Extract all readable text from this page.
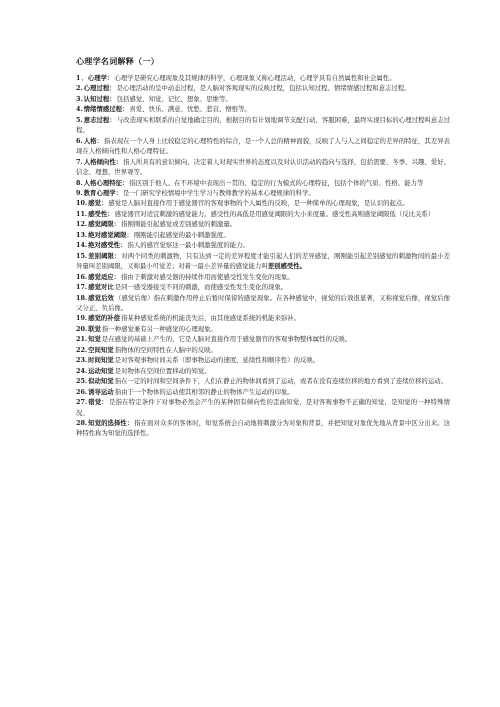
心理学名词解释（一）

1．心理学：心理学是研究心理现象及其规律的科学，心理现象又称心理活动，心理学具有自然属性和社会属性。

2.心理过程：是心理活动的呈中动态过程，是人脑对客观现实的反映过程，包括认知过程、情绪情感过程和意志过程。

3.认知过程：包括感觉、知觉、记忆、想象、思维等。

4.情绪情感过程：喜爱、快乐、满意、忧愁、悲哀、憎恨等。

5.意志过程：与改造现实相联系的自觉地确定目的，根据目的有计划地调节支配行动，客服困难，最终实现目标的心理过程叫意志过程。

6.人格：指表现在一个人身上比较稳定的心理特性的综合，是一个人总的精神面貌，反映了人与人之间稳定的差异的特征，其差异表现在人格倾向性和人格心理特征。

7.人格倾向性：指人所具有的意识倾向，决定着人对现实世界的态度以及对认识活动的趋向与选择，包括需要、冬季、兴趣、爱好、信念、理想、世界观等。

8.人格心理特征：指区别于他人、在不环境中表现出一贯的、稳定的行为模式的心理特征，包括个体的气质、性格、能力等

9.教育心理学：是一门研究学校情境中学生学习与教师教学的基本心理规律的科学。

10.感觉：感觉是人脑对直接作用于感觉器官的客观事物的个人属性的反映，是一种简单的心理现象，是认识的起点。

11.感受性：感觉器官对适宜刺激的感觉能力。感受性的高低是用感觉阈限的大小来度量。感受性高则感觉阈限低（反比关系）

12.感觉阈限：指刚刚能引起感觉或差别感觉的刺激量。

13.绝对感觉阈限：刚刚能引起感觉的最小刺激强度。

14.绝对感受性：指人的感官觉察这一最小刺激强度的能力。

15.差别阈限：对两个同类的刺激物，只有达到一定的差异程度才能引起人们的差异感觉，刚刚能引起差别感觉的刺激物间的最小差异量叫差别阈限，又称最小可觉差；对着一最小差异量的感觉能力叫差别感受性。

16.感觉适应：指由于刺激对感受器的持续作用而使感受性发生变化的现象。

17.感觉对比是同一感受器接受不同的刺激，而使感受性发生变化的现象。

18.感觉后效（感觉后像）指在刺激作用停止后暂时保留的感觉现象。在各种感觉中，视觉的后效很显著，又称视觉后像，视觉后像又分正、负后像。

19.感觉的补偿指某种感觉系统的机能丧失后，由其他感觉系统的机能来弥补。

20.联觉指一种感觉兼有另一种感觉的心理现象。

21.知觉是在感觉的基础上产生的，它是人脑对直接作用于感觉器官的客观事物整体属性的反映。

22.空间知觉指物体的空间特性在人脑中的反映。

23.时间知觉是对客观事物时间关系（即事物运动的速度、延续性和顺序性）的反映。

24.运动知觉是对物体在空间位置移动的知觉。

25.似动知觉指在一定的时间和空间条件下，人们在静止的物体间看到了运动，或者在没有连续位移的地方看到了连续位移的运动。

26.诱导运动指由于一个物体的运动使其相邻的静止的物体产生运动的印象。

27.错觉：是指在特定条件下对事物必然会产生的某种固有倾向性的歪曲知觉，是对客观事物不正确的知觉，是知觉的一种特殊情况。

28.知觉的选择性：指在面对众多的客体时，知觉系统会自动地将刺激分为对象和背景，并把知觉对象优先地从背景中区分出来。这种特性称为知觉的选择性。
